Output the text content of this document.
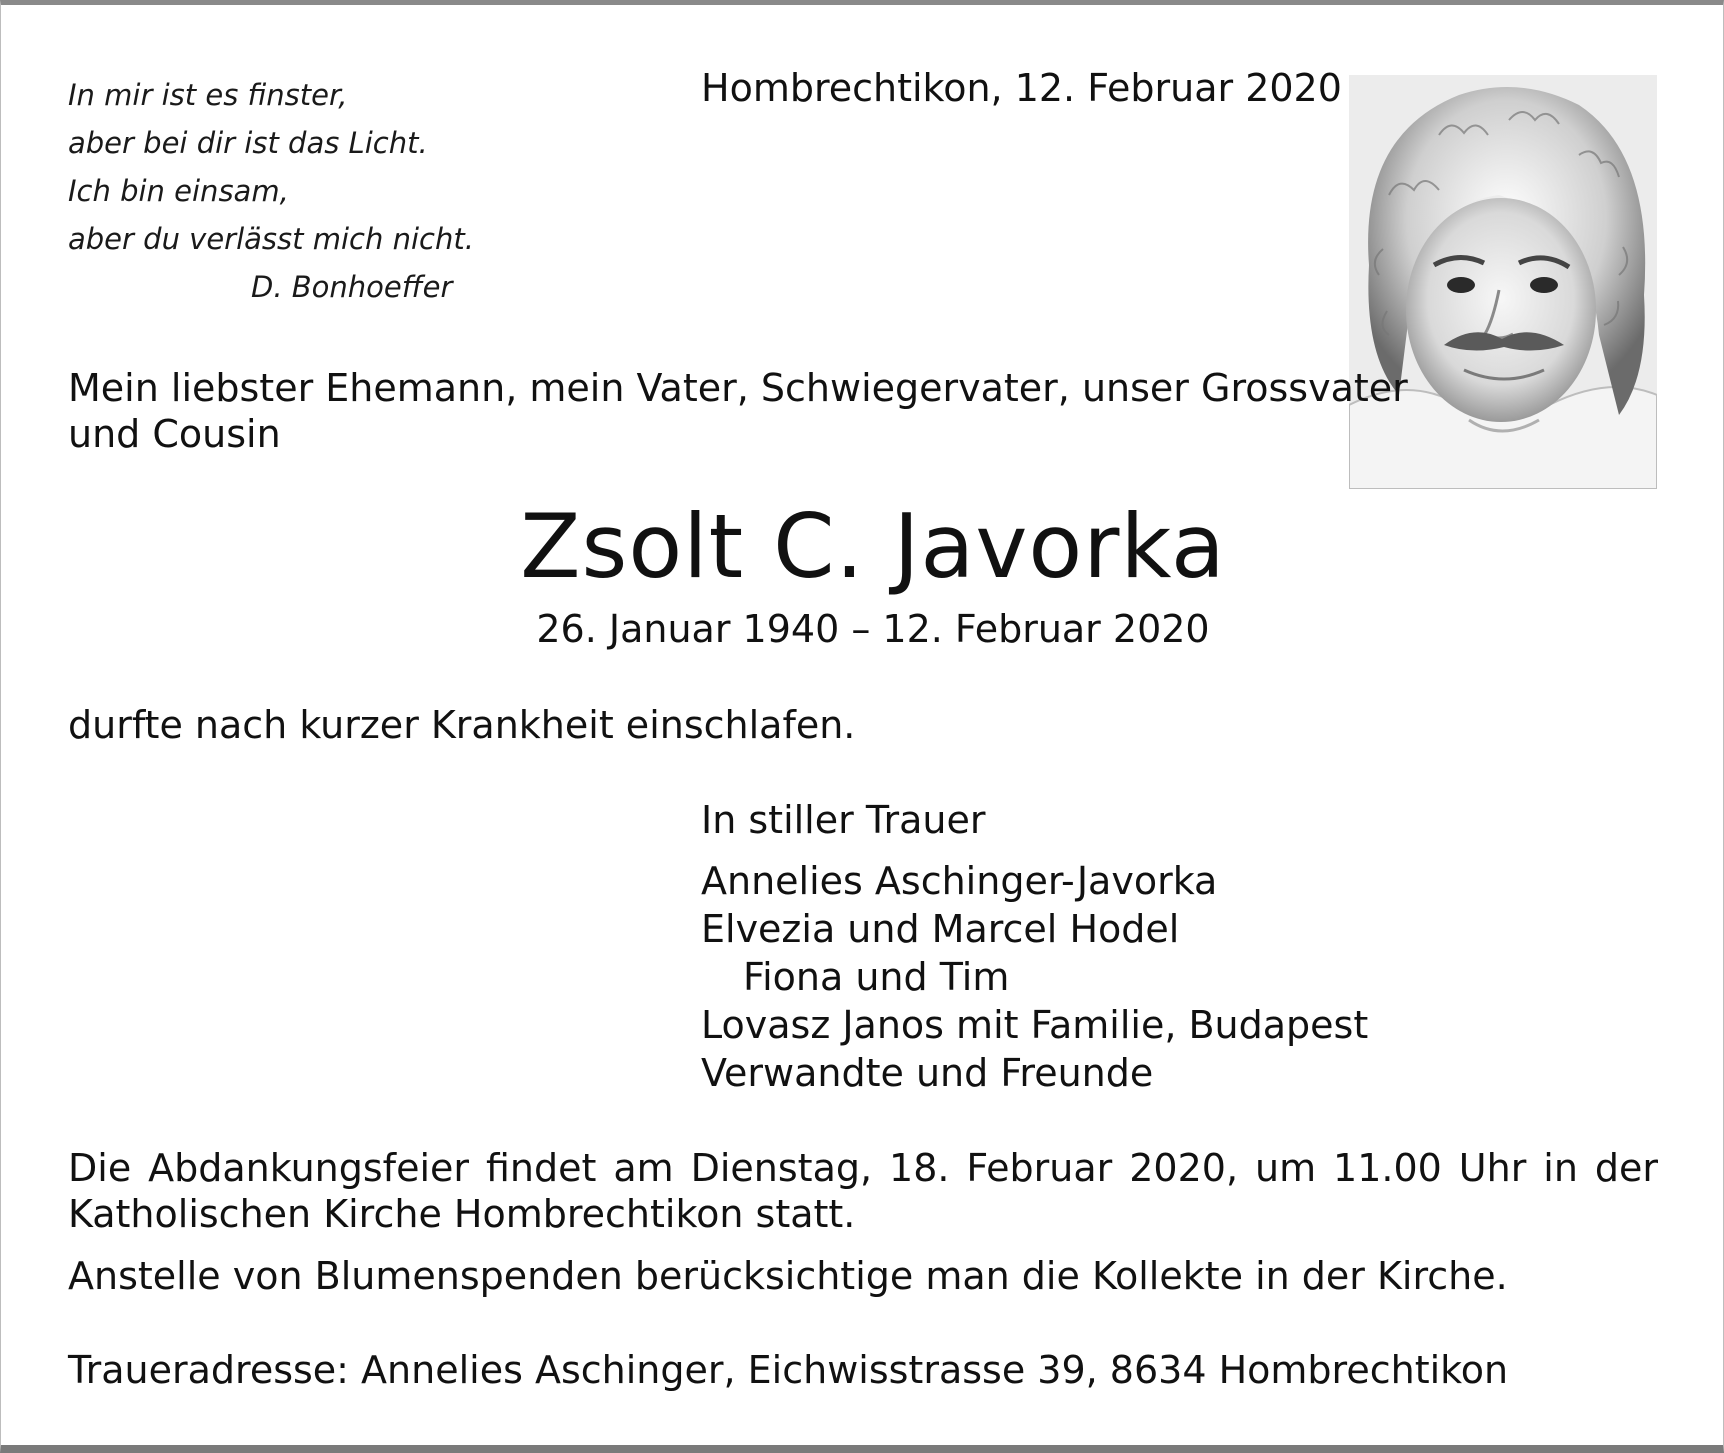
In mir ist es finster,
aber bei dir ist das Licht.
Ich bin einsam,
aber du verlässt mich nicht.
D. Bonhoeffer
Hombrechtikon, 12. Februar 2020
Mein liebster Ehemann, mein Vater, Schwiegervater, unser Grossvater
und Cousin
Zsolt C. Javorka
26. Januar 1940 – 12. Februar 2020
durfte nach kurzer Krankheit einschlafen.
In stiller Trauer
Annelies Aschinger-Javorka
Elvezia und Marcel Hodel
Fiona und Tim
Lovasz Janos mit Familie, Budapest
Verwandte und Freunde
Die Abdankungsfeier findet am Dienstag, 18. Februar 2020, um 11.00 Uhr in der
Katholischen Kirche Hombrechtikon statt.
Anstelle von Blumenspenden berücksichtige man die Kollekte in der Kirche.
Traueradresse: Annelies Aschinger, Eichwisstrasse 39, 8634 Hombrechtikon
